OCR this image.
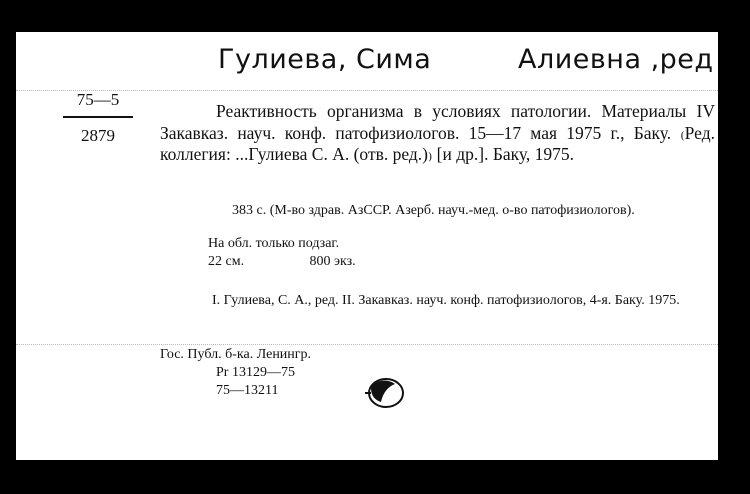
Гулиева, Сима	Алиевна ,ред
75—5
2879
Реактивность организма в условиях патологии. Материалы IV Закавказ. науч. конф. патофизиологов. 15—17 мая 1975 г., Баку. ₍Ред. коллегия: ...Гулиева С. А. (отв. ред.)₎ [и др.]. Баку, 1975.
383 с. (М-во здрав. АзССР. Азерб. науч.-мед. о-во патофизиологов).
На обл. только подзаг.
22 см.	800 экз.
I. Гулиева, С. А., ред. II. Закавказ. науч. конф. патофизиологов, 4-я. Баку. 1975.
Гос. Публ. б-ка. Ленингр.
Pr 13129—75
75—13211
